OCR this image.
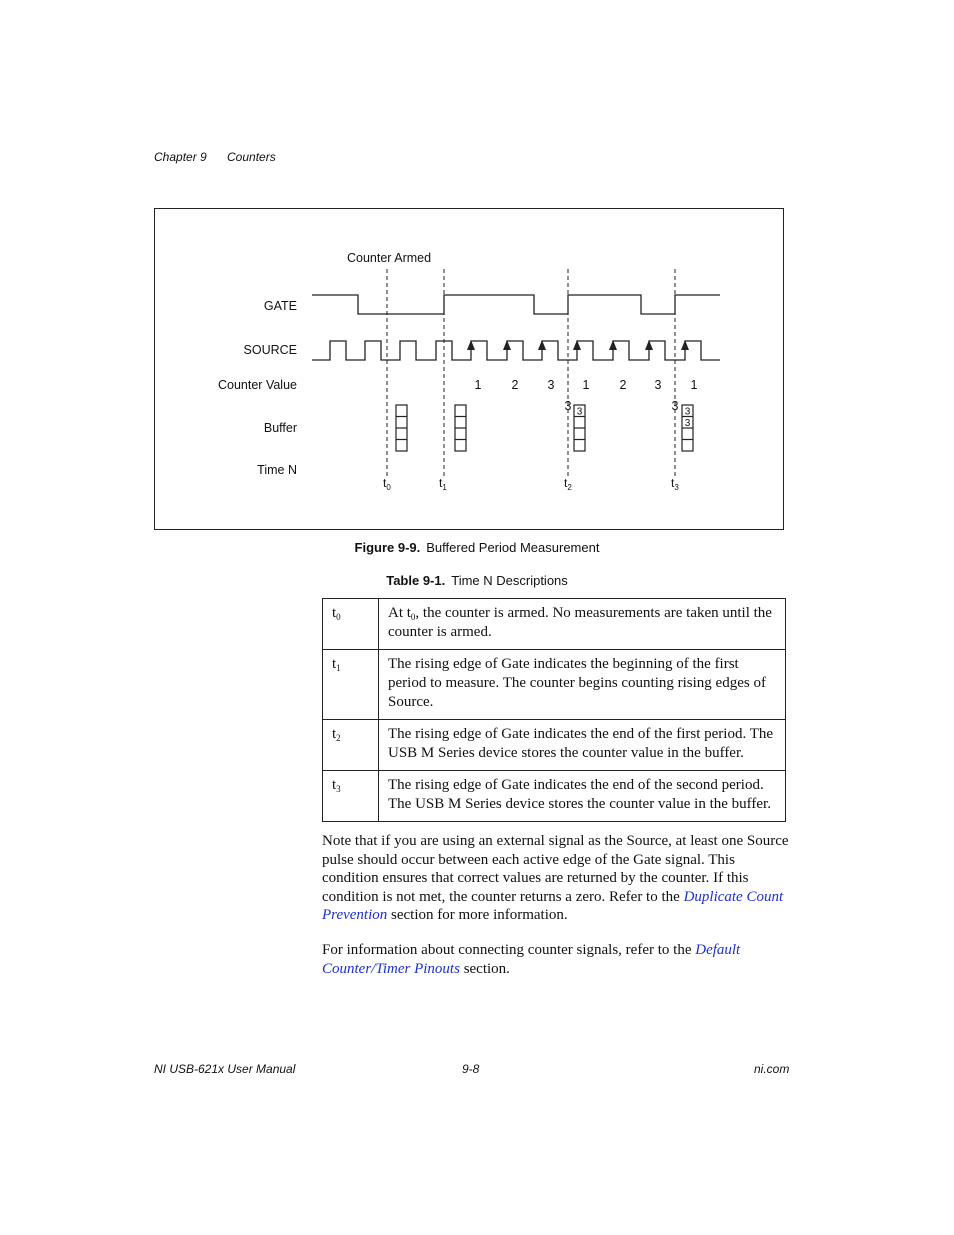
Chapter 9 Counters
GATE
SOURCE
Counter Value
Buffer
Time N
Counter Armed
1 2 3 1 2 3 1
3	3
3	3
3
$t_0$	$t_1$	$t_2$	$t_3$
Figure 9-9. Buffered Period Measurement
Table 9-1. Time N Descriptions
$t_0$	At $t_0$, the counter is armed. No measurements are taken until the counter is armed.
$t_1$	The rising edge of Gate indicates the beginning of the first period to measure. The counter begins counting rising edges of Source.
$t_2$	The rising edge of Gate indicates the end of the first period. The USB M Series device stores the counter value in the buffer.
$t_3$	The rising edge of Gate indicates the end of the second period. The USB M Series device stores the counter value in the buffer.
Note that if you are using an external signal as the Source, at least one Source pulse should occur between each active edge of the Gate signal. This condition ensures that correct values are returned by the counter. If this condition is not met, the counter returns a zero. Refer to the Duplicate Count Prevention section for more information.
For information about connecting counter signals, refer to the Default Counter/Timer Pinouts section.
NI USB-621x User Manual	9-8	ni.com
